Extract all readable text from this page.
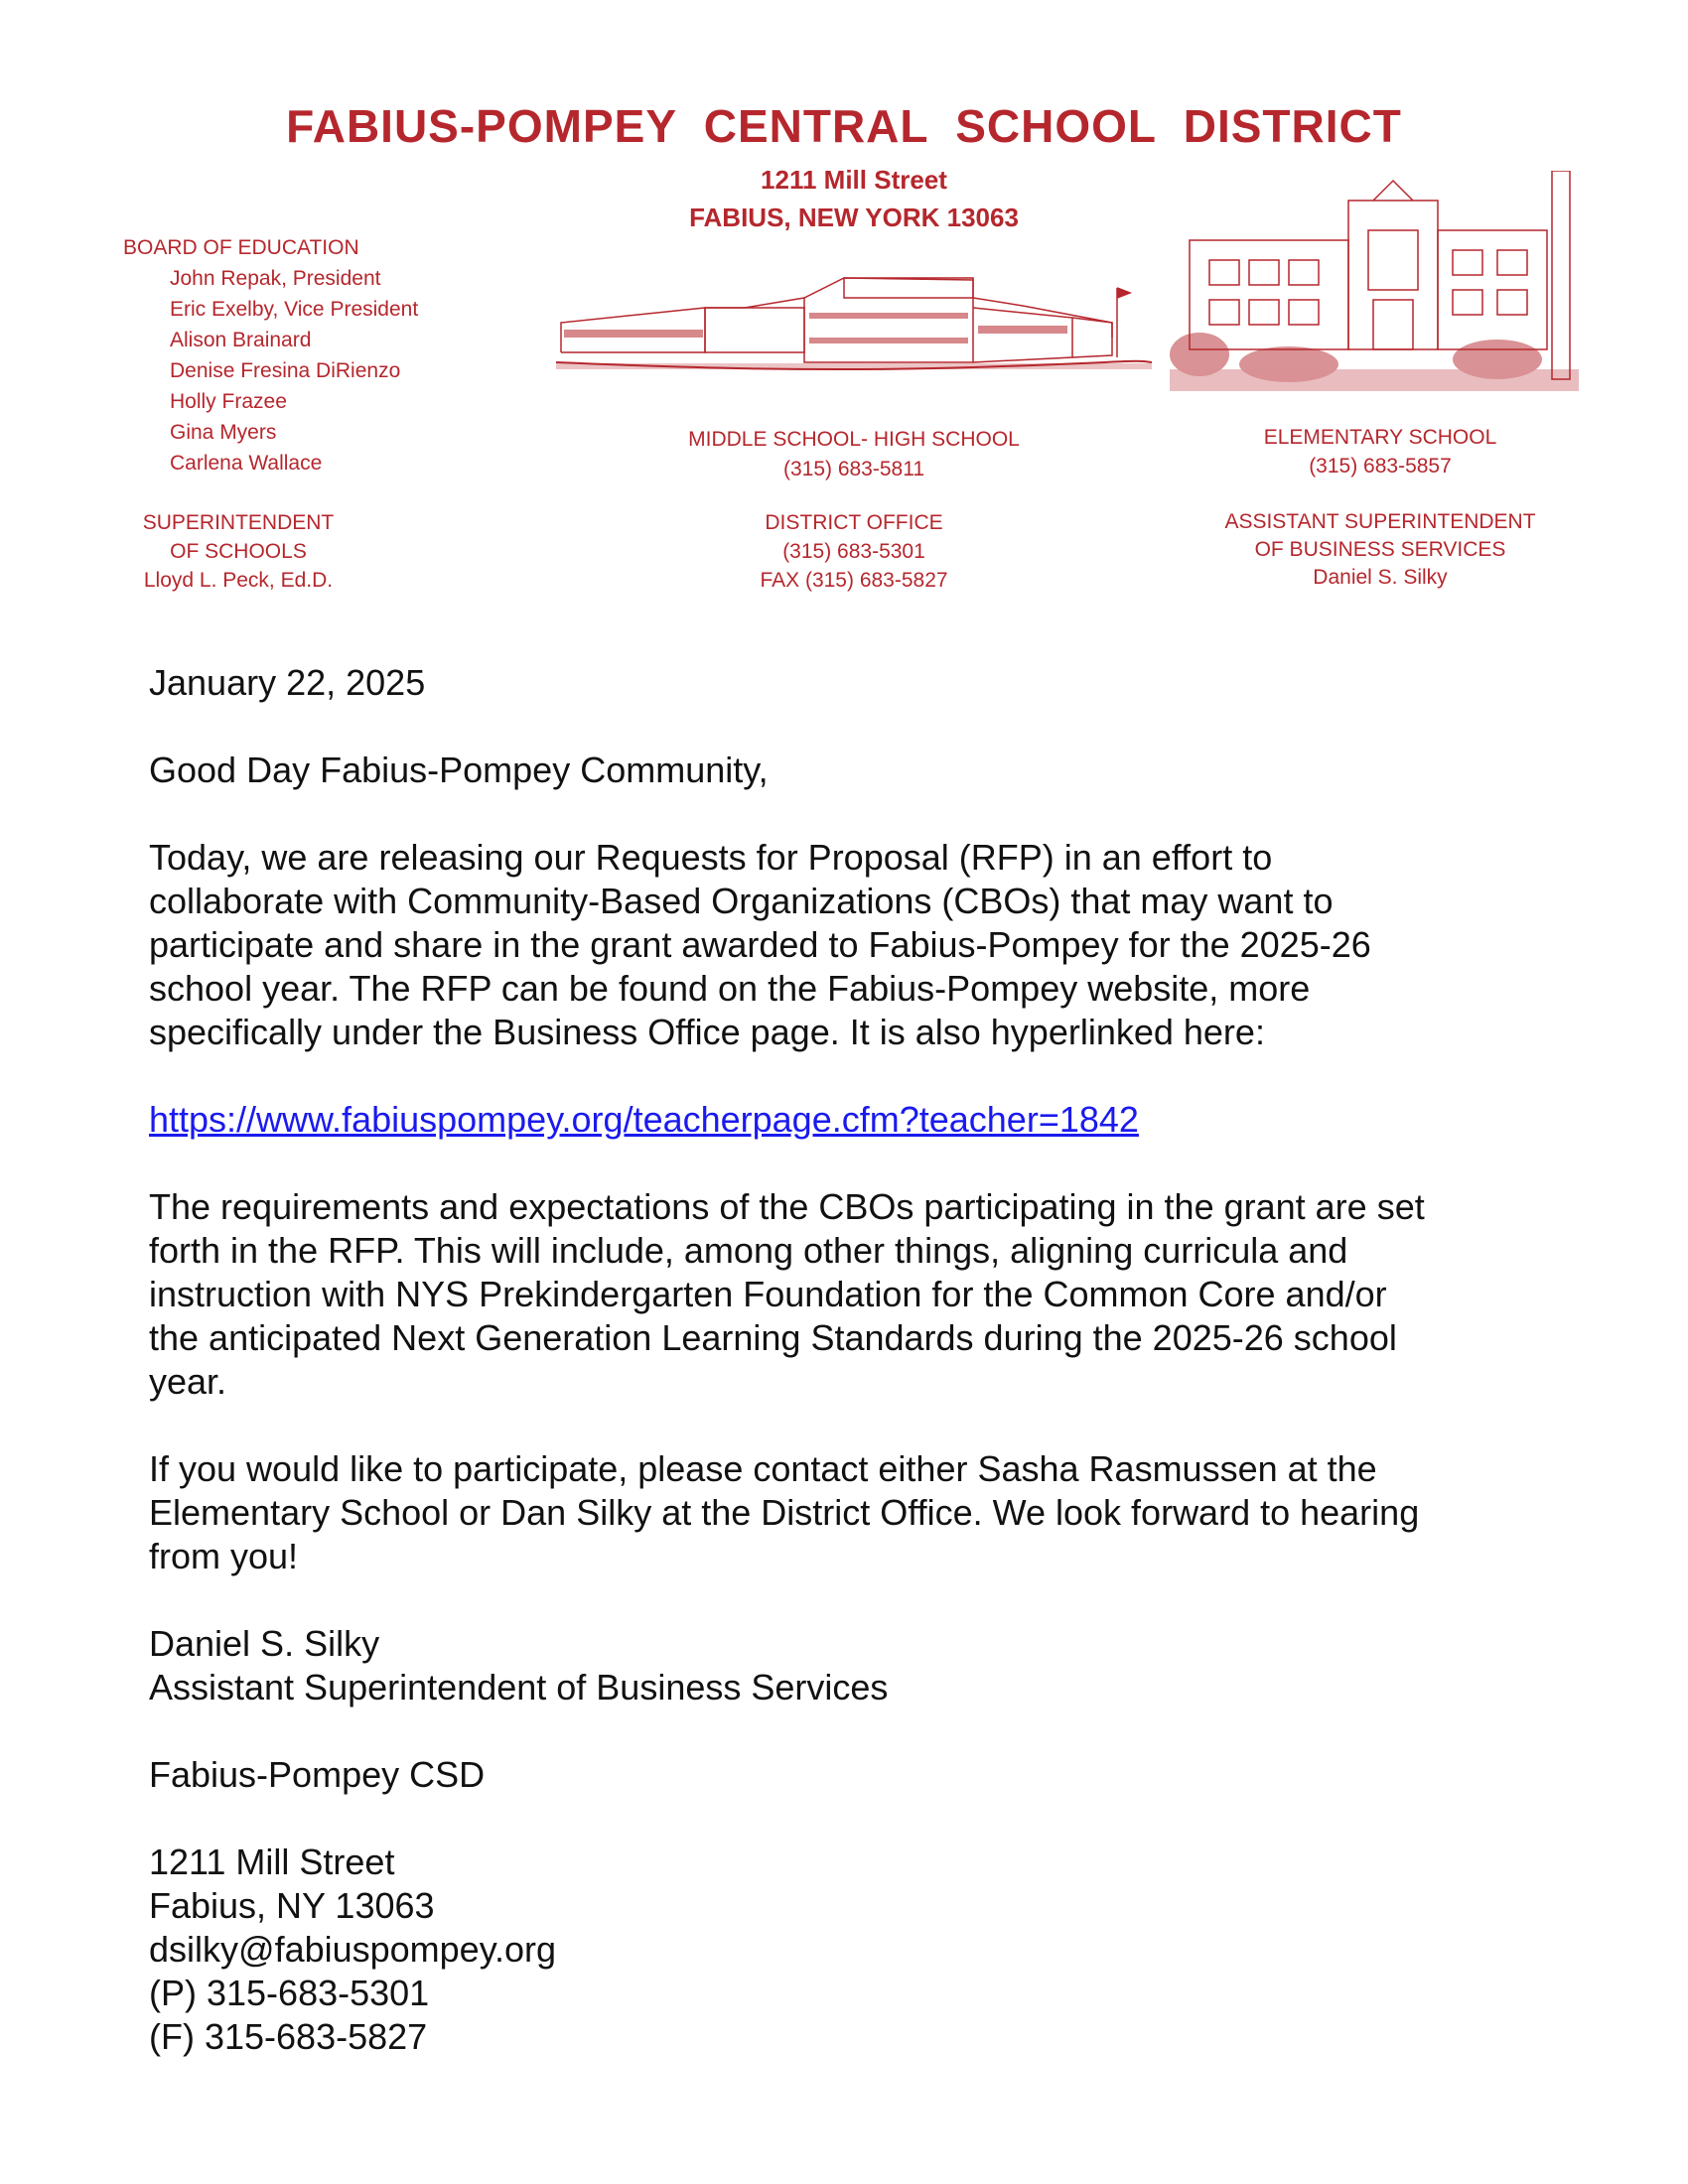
FABIUS-POMPEY  CENTRAL  SCHOOL  DISTRICT
1211 Mill Street
FABIUS, NEW YORK 13063
BOARD OF EDUCATION
John Repak, President
Eric Exelby, Vice President
Alison Brainard
Denise Fresina DiRienzo
Holly Frazee
Gina Myers
Carlena Wallace
SUPERINTENDENT
OF SCHOOLS
Lloyd L. Peck, Ed.D.
MIDDLE SCHOOL- HIGH SCHOOL
(315) 683-5811
DISTRICT OFFICE
(315) 683-5301
FAX (315) 683-5827
ELEMENTARY SCHOOL
(315) 683-5857
ASSISTANT SUPERINTENDENT
OF BUSINESS SERVICES
Daniel S. Silky

January 22, 2025

Good Day Fabius-Pompey Community,

Today, we are releasing our Requests for Proposal (RFP) in an effort to
collaborate with Community-Based Organizations (CBOs) that may want to
participate and share in the grant awarded to Fabius-Pompey for the 2025-26
school year. The RFP can be found on the Fabius-Pompey website, more
specifically under the Business Office page. It is also hyperlinked here:

https://www.fabiuspompey.org/teacherpage.cfm?teacher=1842

The requirements and expectations of the CBOs participating in the grant are set
forth in the RFP. This will include, among other things, aligning curricula and
instruction with NYS Prekindergarten Foundation for the Common Core and/or
the anticipated Next Generation Learning Standards during the 2025-26 school
year.

If you would like to participate, please contact either Sasha Rasmussen at the
Elementary School or Dan Silky at the District Office. We look forward to hearing
from you!

Daniel S. Silky
Assistant Superintendent of Business Services

Fabius-Pompey CSD

1211 Mill Street
Fabius, NY 13063
dsilky@fabiuspompey.org
(P) 315-683-5301
(F) 315-683-5827
